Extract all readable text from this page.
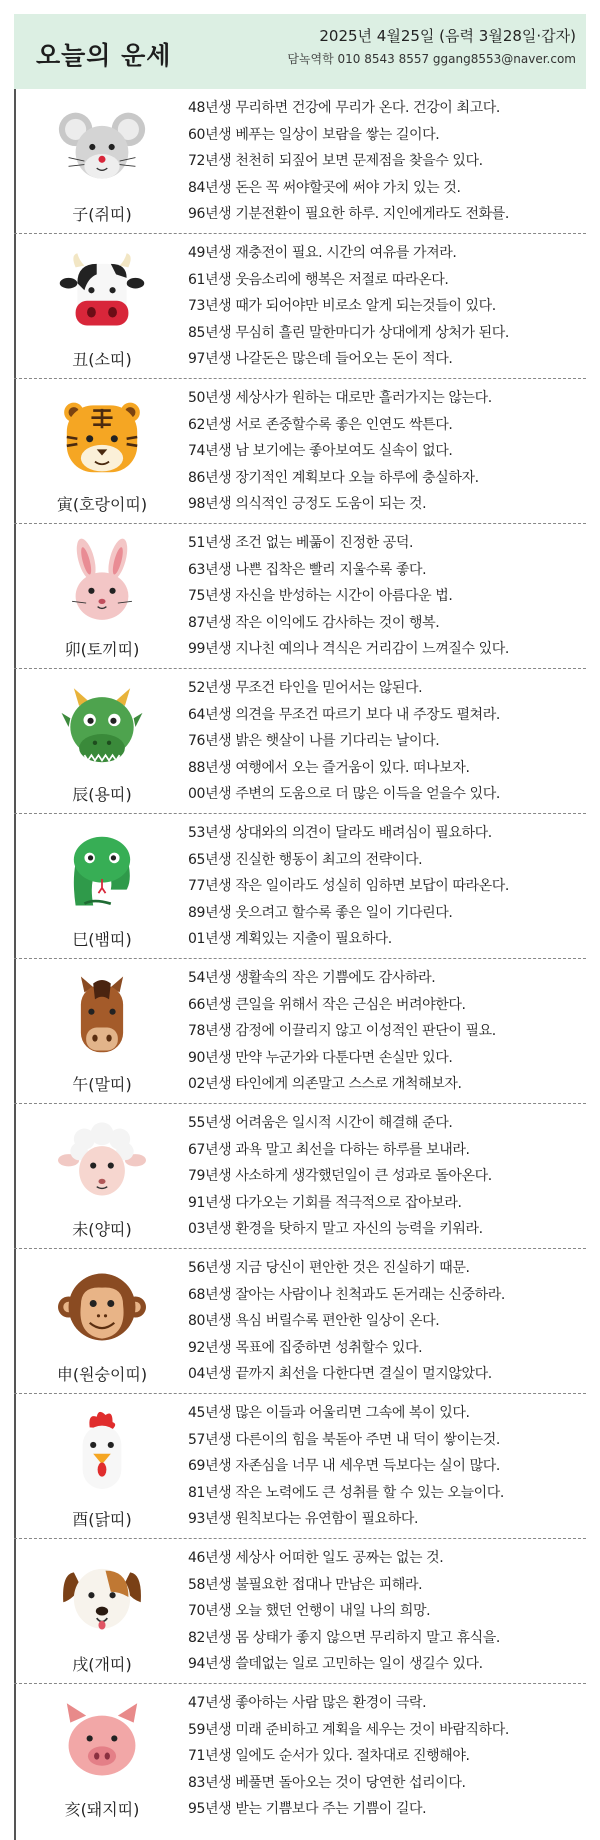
오늘의 운세
2025년 4월25일 (음력 3월28일·갑자)
담녹역학 010 8543 8557 ggang8553@naver.com
子(쥐띠)
48년생 무리하면 건강에 무리가 온다. 건강이 최고다.
60년생 베푸는 일상이 보람을 쌓는 길이다.
72년생 천천히 되짚어 보면 문제점을 찾을수 있다.
84년생 돈은 꼭 써야할곳에 써야 가치 있는 것.
96년생 기분전환이 필요한 하루. 지인에게라도 전화를.
丑(소띠)
49년생 재충전이 필요. 시간의 여유를 가져라.
61년생 웃음소리에 행복은 저절로 따라온다.
73년생 때가 되어야만 비로소 알게 되는것들이 있다.
85년생 무심히 흘린 말한마디가 상대에게 상처가 된다.
97년생 나갈돈은 많은데 들어오는 돈이 적다.
寅(호랑이띠)
50년생 세상사가 원하는 대로만 흘러가지는 않는다.
62년생 서로 존중할수록 좋은 인연도 싹튼다.
74년생 남 보기에는 좋아보여도 실속이 없다.
86년생 장기적인 계획보다 오늘 하루에 충실하자.
98년생 의식적인 긍정도 도움이 되는 것.
卯(토끼띠)
51년생 조건 없는 베풂이 진정한 공덕.
63년생 나쁜 집착은 빨리 지울수록 좋다.
75년생 자신을 반성하는 시간이 아름다운 법.
87년생 작은 이익에도 감사하는 것이 행복.
99년생 지나친 예의나 격식은 거리감이 느껴질수 있다.
辰(용띠)
52년생 무조건 타인을 믿어서는 않된다.
64년생 의견을 무조건 따르기 보다 내 주장도 펼쳐라.
76년생 밝은 햇살이 나를 기다리는 날이다.
88년생 여행에서 오는 즐거움이 있다. 떠나보자.
00년생 주변의 도움으로 더 많은 이득을 얻을수 있다.
巳(뱀띠)
53년생 상대와의 의견이 달라도 배려심이 필요하다.
65년생 진실한 행동이 최고의 전략이다.
77년생 작은 일이라도 성실히 임하면 보답이 따라온다.
89년생 웃으려고 할수록 좋은 일이 기다린다.
01년생 계획있는 지출이 필요하다.
午(말띠)
54년생 생활속의 작은 기쁨에도 감사하라.
66년생 큰일을 위해서 작은 근심은 버려야한다.
78년생 감정에 이끌리지 않고 이성적인 판단이 필요.
90년생 만약 누군가와 다툰다면 손실만 있다.
02년생 타인에게 의존말고 스스로 개척해보자.
未(양띠)
55년생 어려움은 일시적 시간이 해결해 준다.
67년생 과욕 말고 최선을 다하는 하루를 보내라.
79년생 사소하게 생각했던일이 큰 성과로 돌아온다.
91년생 다가오는 기회를 적극적으로 잡아보라.
03년생 환경을 탓하지 말고 자신의 능력을 키워라.
申(원숭이띠)
56년생 지금 당신이 편안한 것은 진실하기 때문.
68년생 잘아는 사람이나 친척과도 돈거래는 신중하라.
80년생 욕심 버릴수록 편안한 일상이 온다.
92년생 목표에 집중하면 성취할수 있다.
04년생 끝까지 최선을 다한다면 결실이 멀지않았다.
酉(닭띠)
45년생 많은 이들과 어울리면 그속에 복이 있다.
57년생 다른이의 힘을 북돋아 주면 내 덕이 쌓이는것.
69년생 자존심을 너무 내 세우면 득보다는 실이 많다.
81년생 작은 노력에도 큰 성취를 할 수 있는 오늘이다.
93년생 원칙보다는 유연함이 필요하다.
戌(개띠)
46년생 세상사 어떠한 일도 공짜는 없는 것.
58년생 불필요한 접대나 만남은 피해라.
70년생 오늘 했던 언행이 내일 나의 희망.
82년생 몸 상태가 좋지 않으면 무리하지 말고 휴식을.
94년생 쓸데없는 일로 고민하는 일이 생길수 있다.
亥(돼지띠)
47년생 좋아하는 사람 많은 환경이 극락.
59년생 미래 준비하고 계획을 세우는 것이 바람직하다.
71년생 일에도 순서가 있다. 절차대로 진행해야.
83년생 베풀면 돌아오는 것이 당연한 섭리이다.
95년생 받는 기쁨보다 주는 기쁨이 길다.
